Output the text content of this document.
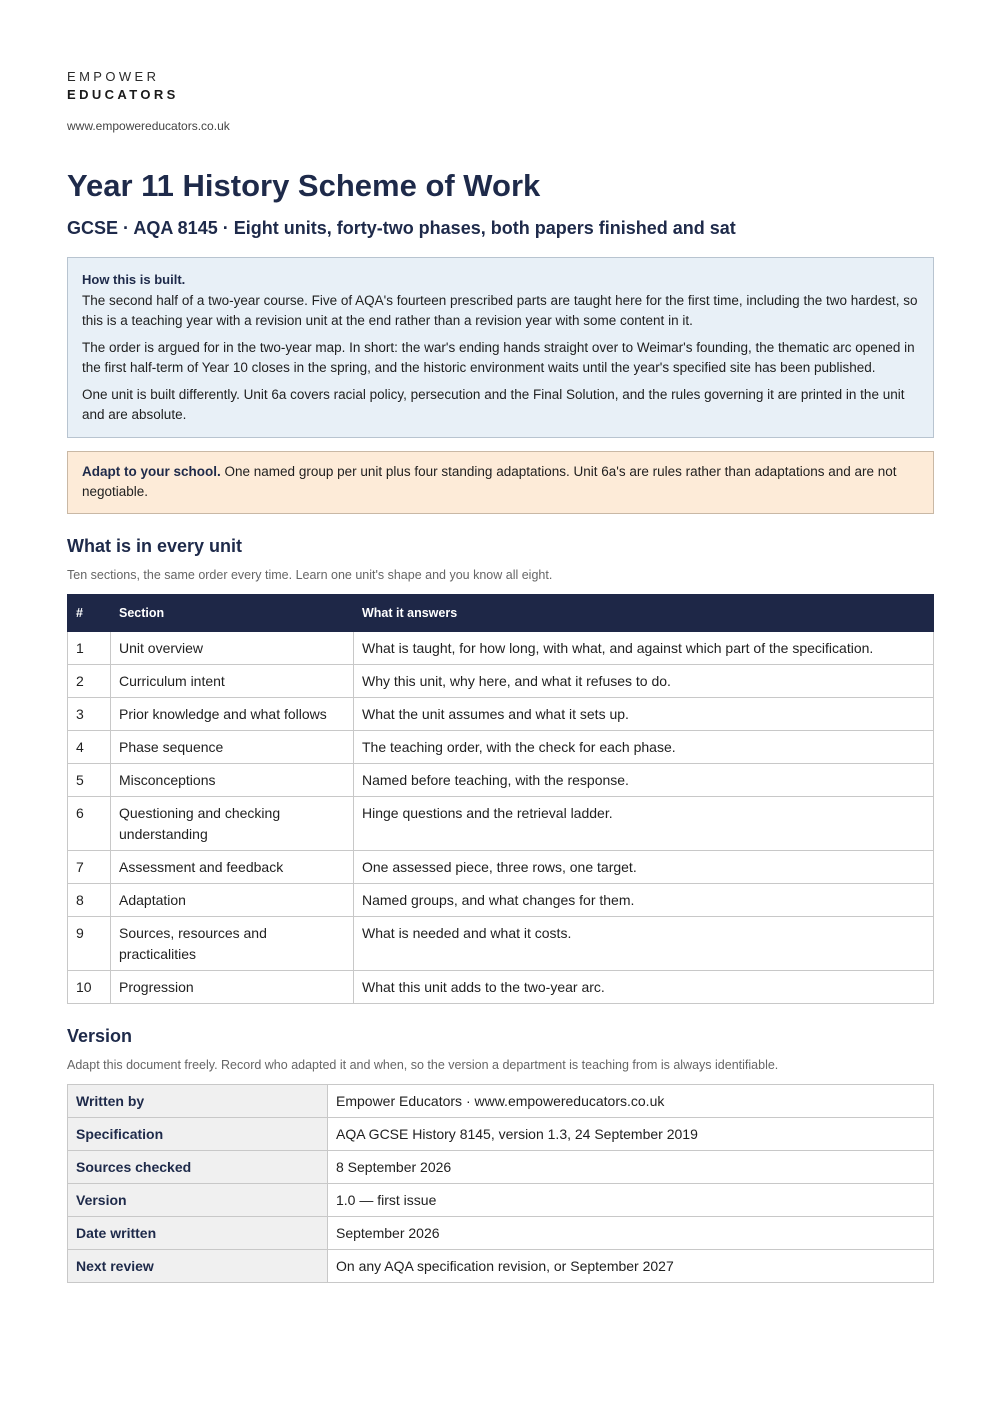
EMPOWER
EDUCATORS
www.empowereducators.co.uk
Year 11 History Scheme of Work
GCSE · AQA 8145 · Eight units, forty-two phases, both papers finished and sat
How this is built.

The second half of a two-year course. Five of AQA's fourteen prescribed parts are taught here for the first time, including the two hardest, so this is a teaching year with a revision unit at the end rather than a revision year with some content in it.

The order is argued for in the two-year map. In short: the war's ending hands straight over to Weimar's founding, the thematic arc opened in the first half-term of Year 10 closes in the spring, and the historic environment waits until the year's specified site has been published.

One unit is built differently. Unit 6a covers racial policy, persecution and the Final Solution, and the rules governing it are printed in the unit and are absolute.

Adapt to your school. One named group per unit plus four standing adaptations. Unit 6a's are rules rather than adaptations and are not negotiable.
What is in every unit
Ten sections, the same order every time. Learn one unit's shape and you know all eight.
#	Section	What it answers
1	Unit overview	What is taught, for how long, with what, and against which part of the specification.
2	Curriculum intent	Why this unit, why here, and what it refuses to do.
3	Prior knowledge and what follows	What the unit assumes and what it sets up.
4	Phase sequence	The teaching order, with the check for each phase.
5	Misconceptions	Named before teaching, with the response.
6	Questioning and checking understanding	Hinge questions and the retrieval ladder.
7	Assessment and feedback	One assessed piece, three rows, one target.
8	Adaptation	Named groups, and what changes for them.
9	Sources, resources and practicalities	What is needed and what it costs.
10	Progression	What this unit adds to the two-year arc.
Version
Adapt this document freely. Record who adapted it and when, so the version a department is teaching from is always identifiable.
Written by	Empower Educators · www.empowereducators.co.uk
Specification	AQA GCSE History 8145, version 1.3, 24 September 2019
Sources checked	8 September 2026
Version	1.0 — first issue
Date written	September 2026
Next review	On any AQA specification revision, or September 2027
